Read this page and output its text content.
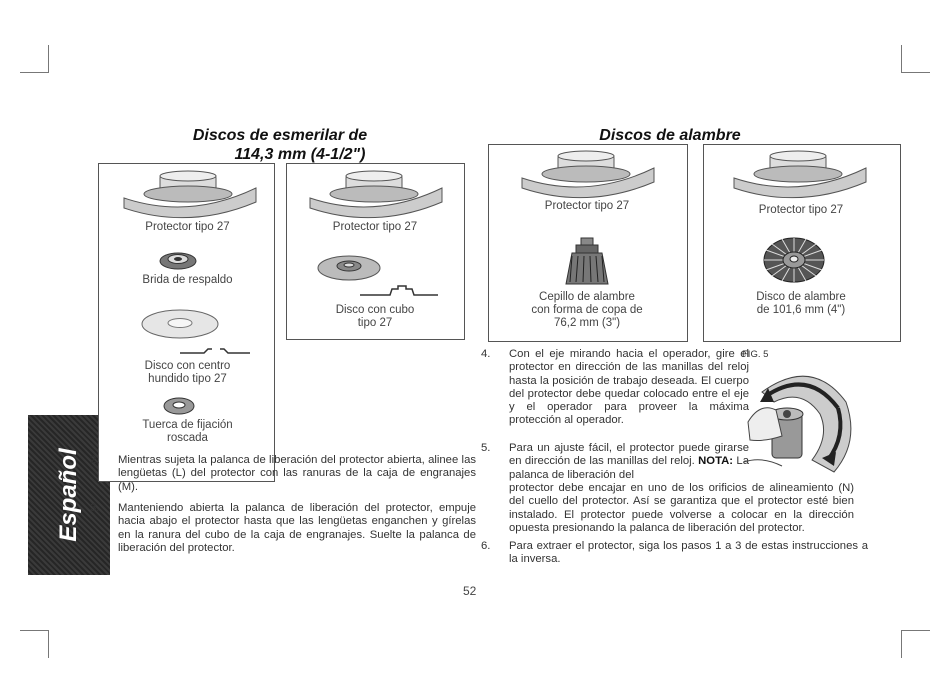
Español
Discos de esmerilar de
114,3 mm (4-1/2")
Protector tipo 27
Brida de respaldo
Disco con centro
hundido tipo 27
Tuerca de fijación
roscada
Protector tipo 27
Disco con cubo
tipo 27
Discos de alambre
Protector tipo 27
Cepillo de alambre
con forma de copa de
76,2 mm (3")
Protector tipo 27
Disco de alambre
de 101,6 mm (4")
2. Mientras sujeta la palanca de liberación del protector abierta, alinee las lengüetas (L) del protector con las ranuras de la caja de engranajes (M).
3. Manteniendo abierta la palanca de liberación del protector, empuje hacia abajo el protector hasta que las lengüetas enganchen y gírelas en la ranura del cubo de la caja de engranajes. Suelte la palanca de liberación del protector.
4. Con el eje mirando hacia el operador, gire el protector en dirección de las manillas del reloj hasta la posición de trabajo deseada. El cuerpo del protector debe quedar colocado entre el eje y el operador para proveer la máxima protección al operador.
5. Para un ajuste fácil, el protector puede girarse en dirección de las manillas del reloj. NOTA: La palanca de liberación del
protector debe encajar en uno de los orificios de alineamiento (N) del cuello del protector. Así se garantiza que el protector esté bien instalado. El protector puede volverse a colocar en la dirección opuesta presionando la palanca de liberación del protector.
6. Para extraer el protector, siga los pasos 1 a 3 de estas instrucciones a la inversa.
FIG. 5
52
